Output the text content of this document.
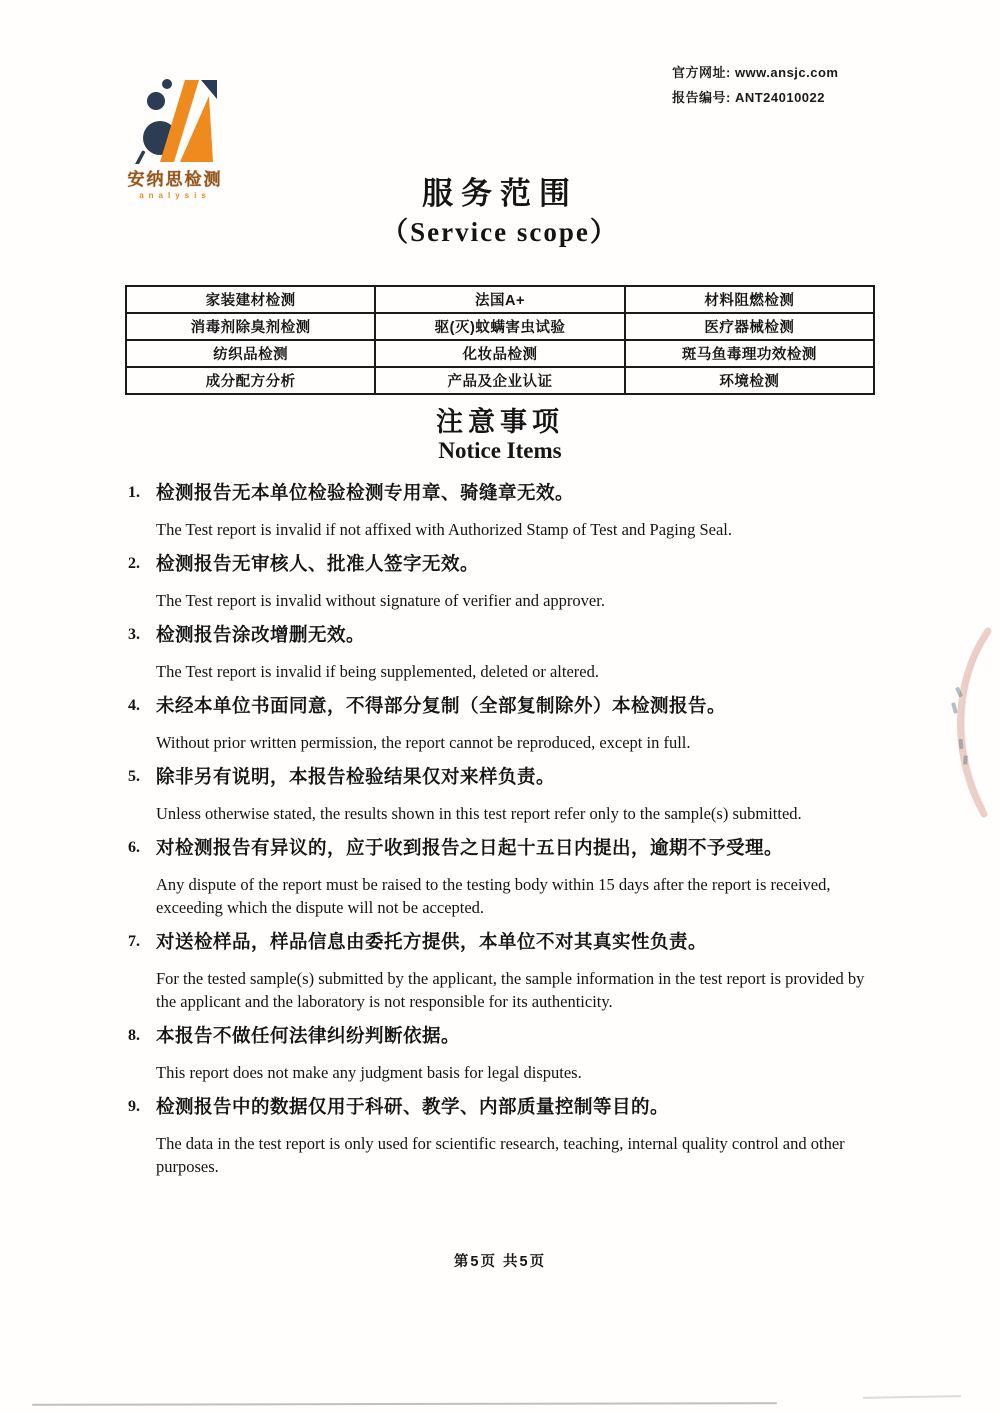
安纳思检测
analysis
官方网址: www.ansjc.com
报告编号: ANT24010022
服务范围
（Service scope）
家装建材检测	法国A+	材料阻燃检测
消毒剂除臭剂检测	驱(灭)蚊螨害虫试验	医疗器械检测
纺织品检测	化妆品检测	斑马鱼毒理功效检测
成分配方分析	产品及企业认证	环境检测
注意事项
Notice Items
1. 检测报告无本单位检验检测专用章、骑缝章无效。
The Test report is invalid if not affixed with Authorized Stamp of Test and Paging Seal.
2. 检测报告无审核人、批准人签字无效。
The Test report is invalid without signature of verifier and approver.
3. 检测报告涂改增删无效。
The Test report is invalid if being supplemented, deleted or altered.
4. 未经本单位书面同意，不得部分复制（全部复制除外）本检测报告。
Without prior written permission, the report cannot be reproduced, except in full.
5. 除非另有说明，本报告检验结果仅对来样负责。
Unless otherwise stated, the results shown in this test report refer only to the sample(s) submitted.
6. 对检测报告有异议的，应于收到报告之日起十五日内提出，逾期不予受理。
Any dispute of the report must be raised to the testing body within 15 days after the report is received, exceeding which the dispute will not be accepted.
7. 对送检样品，样品信息由委托方提供，本单位不对其真实性负责。
For the tested sample(s) submitted by the applicant, the sample information in the test report is provided by the applicant and the laboratory is not responsible for its authenticity.
8. 本报告不做任何法律纠纷判断依据。
This report does not make any judgment basis for legal disputes.
9. 检测报告中的数据仅用于科研、教学、内部质量控制等目的。
The data in the test report is only used for scientific research, teaching, internal quality control and other purposes.
第5页 共5页
